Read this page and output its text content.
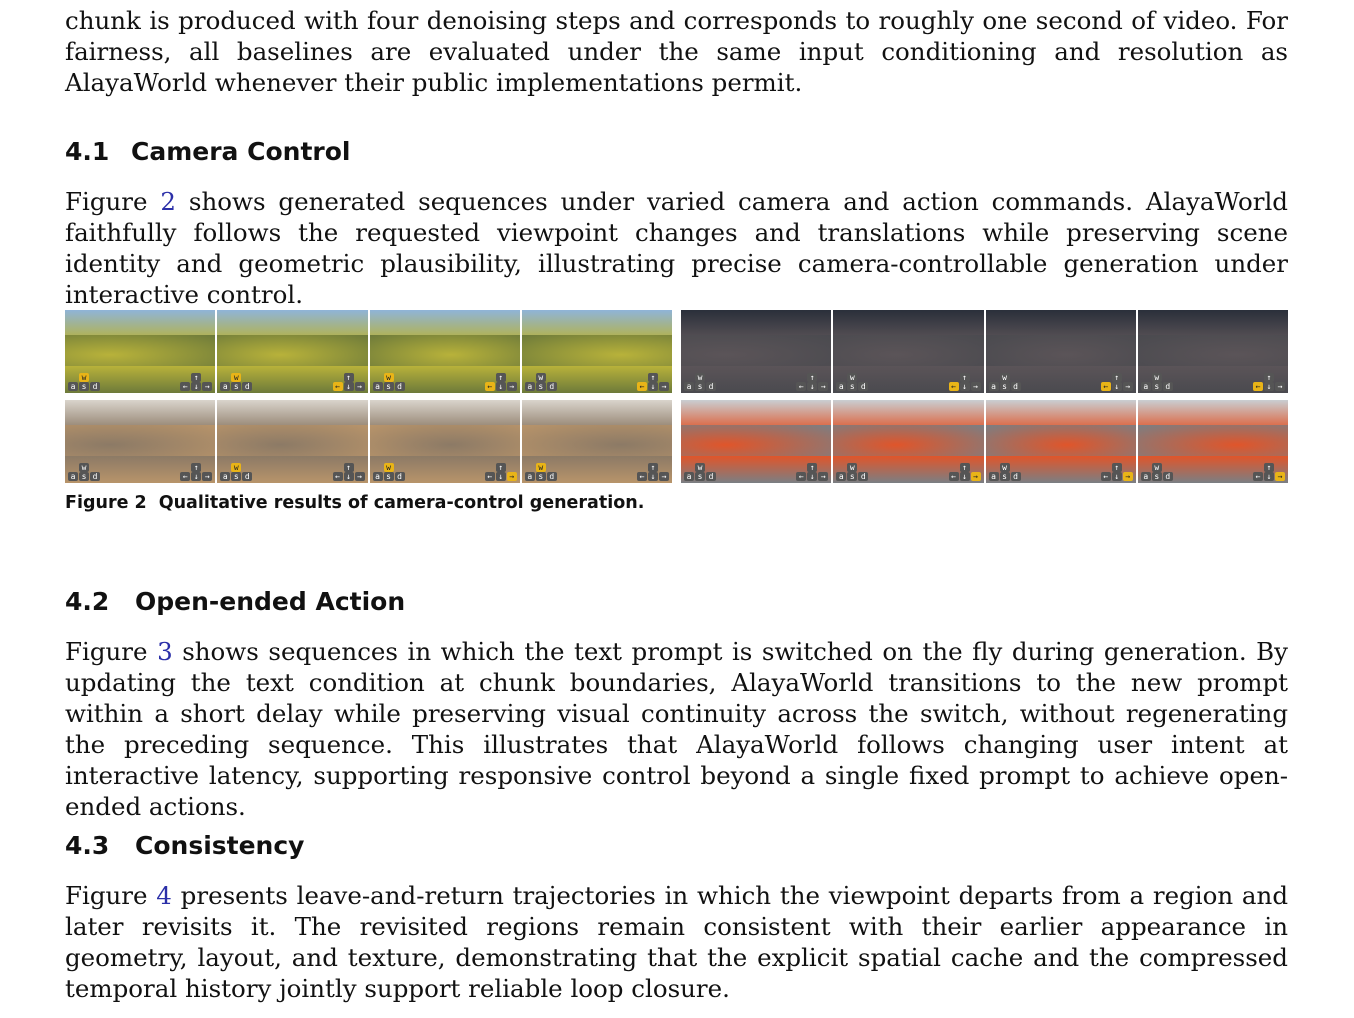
chunk is produced with four denoising steps and corresponds to roughly one second of video. For fairness, all baselines are evaluated under the same input conditioning and resolution as AlayaWorld whenever their public implementations permit.

4.1 Camera Control

Figure 2 shows generated sequences under varied camera and action commands. AlayaWorld faithfully follows the requested viewpoint changes and translations while preserving scene identity and geometric plausibility, illustrating precise camera-controllable generation under interactive control.

w
a s d
↑
← ↓ →
w
a s d
↑
← ↓ →
w
a s d
↑
← ↓ →
w
a s d
↑
← ↓ →
w
a s d
↑
← ↓ →
w
a s d
↑
← ↓ →
w
a s d
↑
← ↓ →
w
a s d
↑
← ↓ →
w
a s d
↑
← ↓ →
w
a s d
↑
← ↓ →
w
a s d
↑
← ↓ →
w
a s d
↑
← ↓ →
w
a s d
↑
← ↓ →
w
a s d
↑
← ↓ →
w
a s d
↑
← ↓ →
w
a s d
↑
← ↓ →

Figure 2 Qualitative results of camera-control generation.

4.2 Open-ended Action

Figure 3 shows sequences in which the text prompt is switched on the fly during generation. By updating the text condition at chunk boundaries, AlayaWorld transitions to the new prompt within a short delay while preserving visual continuity across the switch, without regenerating the preceding sequence. This illustrates that AlayaWorld follows changing user intent at interactive latency, supporting responsive control beyond a single fixed prompt to achieve open-ended actions.

4.3 Consistency

Figure 4 presents leave-and-return trajectories in which the viewpoint departs from a region and later revisits it. The revisited regions remain consistent with their earlier appearance in geometry, layout, and texture, demonstrating that the explicit spatial cache and the compressed temporal history jointly support reliable loop closure.
